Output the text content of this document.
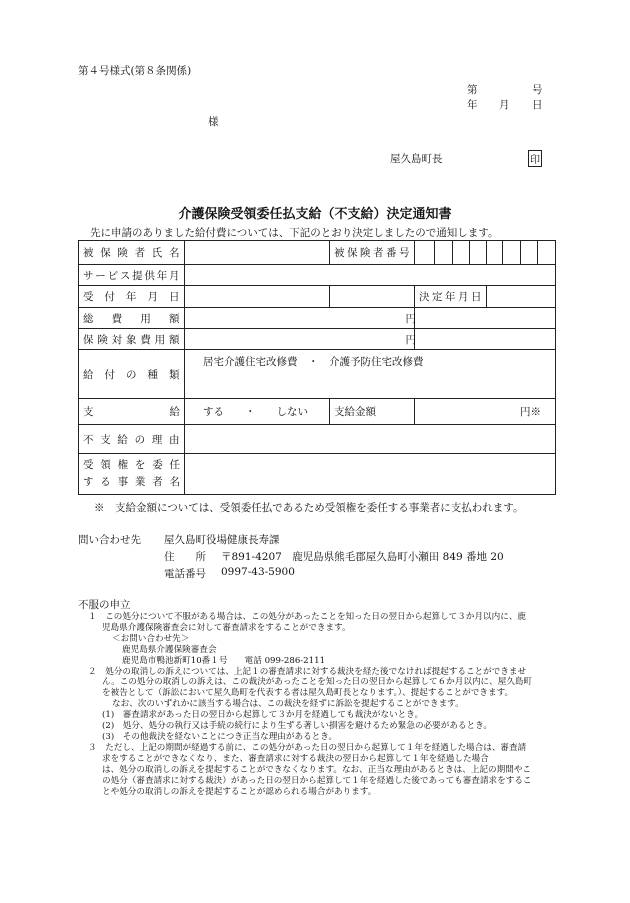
第４号様式(第８条関係)
第	号
年 月 日
様
屋久島町長	印
介護保険受領委任払支給（不支給）決定通知書
先に申請のありました給付費については、下記のとおり決定しましたので通知します。
被保険者氏名		被保険者番号								
サービス提供年月										
受付年月日			決定年月日							
総費用額	円									
保険対象費用額	円									
給付の種類	居宅介護住宅改修費　・　介護予防住宅改修費									

支 給	する　　・　　しない	支給金額	円※							
不支給の理由										

受領権を委任
する事業者名										

※　支給金額については、受領委任払であるため受領権を委任する事業者に支払われます。
問い合わせ先 屋久島町役場健康長寿課
住　　所 〒891-4207　鹿児島県熊毛郡屋久島町小瀬田 849 番地 20
電話番号 0997-43-5900
不服の申立
１　この処分について不服がある場合は、この処分があったことを知った日の翌日から起算して３か月以内に、鹿
児島県介護保険審査会に対して審査請求をすることができます。
＜お問い合わせ先＞
鹿児島県介護保険審査会
鹿児島市鴨池新町10番１号　　電話 099-286-2111
２　処分の取消しの訴えについては、上記１の審査請求に対する裁決を経た後でなければ提起することができませ
ん。この処分の取消しの訴えは、この裁決があったことを知った日の翌日から起算して６か月以内に、屋久島町
を被告として（訴訟において屋久島町を代表する者は屋久島町長となります。）、提起することができます。
なお、次のいずれかに該当する場合は、この裁決を経ずに訴訟を提起することができます。
(1)　審査請求があった日の翌日から起算して３か月を経過しても裁決がないとき。
(2)　処分、処分の執行又は手続の続行により生ずる著しい損害を避けるため緊急の必要があるとき。
(3)　その他裁決を経ないことにつき正当な理由があるとき。
３　ただし、上記の期間が経過する前に、この処分があった日の翌日から起算して１年を経過した場合は、審査請
求をすることができなくなり、また、審査請求に対する裁決の翌日から起算して１年を経過した場合
は、処分の取消しの訴えを提起することができなくなります。なお、正当な理由があるときは、上記の期間やこ
の処分（審査請求に対する裁決）があった日の翌日から起算して１年を経過した後であっても審査請求をするこ
とや処分の取消しの訴えを提起することが認められる場合があります。
